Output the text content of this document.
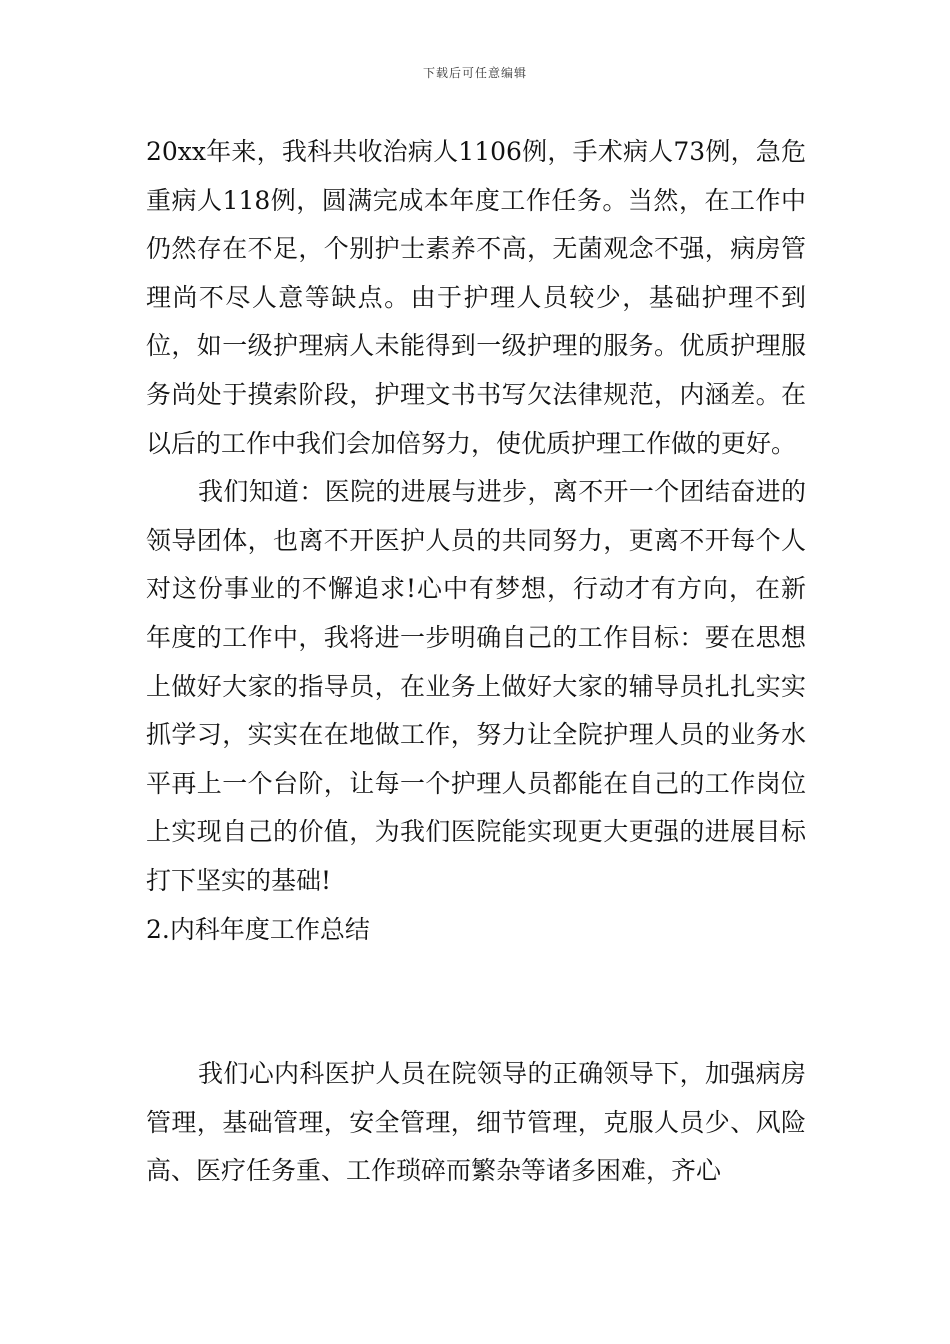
下载后可任意编辑

20xx年来，我科共收治病人1106例，手术病人73例，急危重病人118例，圆满完成本年度工作任务。当然，在工作中仍然存在不足，个别护士素养不高，无菌观念不强，病房管理尚不尽人意等缺点。由于护理人员较少，基础护理不到位，如一级护理病人未能得到一级护理的服务。优质护理服务尚处于摸索阶段，护理文书书写欠法律规范，内涵差。在以后的工作中我们会加倍努力，使优质护理工作做的更好。

我们知道：医院的进展与进步，离不开一个团结奋进的领导团体，也离不开医护人员的共同努力，更离不开每个人对这份事业的不懈追求!心中有梦想，行动才有方向，在新年度的工作中，我将进一步明确自己的工作目标：要在思想上做好大家的指导员，在业务上做好大家的辅导员扎扎实实抓学习，实实在在地做工作，努力让全院护理人员的业务水平再上一个台阶，让每一个护理人员都能在自己的工作岗位上实现自己的价值，为我们医院能实现更大更强的进展目标打下坚实的基础!

2.内科年度工作总结

我们心内科医护人员在院领导的正确领导下，加强病房管理，基础管理，安全管理，细节管理，克服人员少、风险高、医疗任务重、工作琐碎而繁杂等诸多困难，齐心
